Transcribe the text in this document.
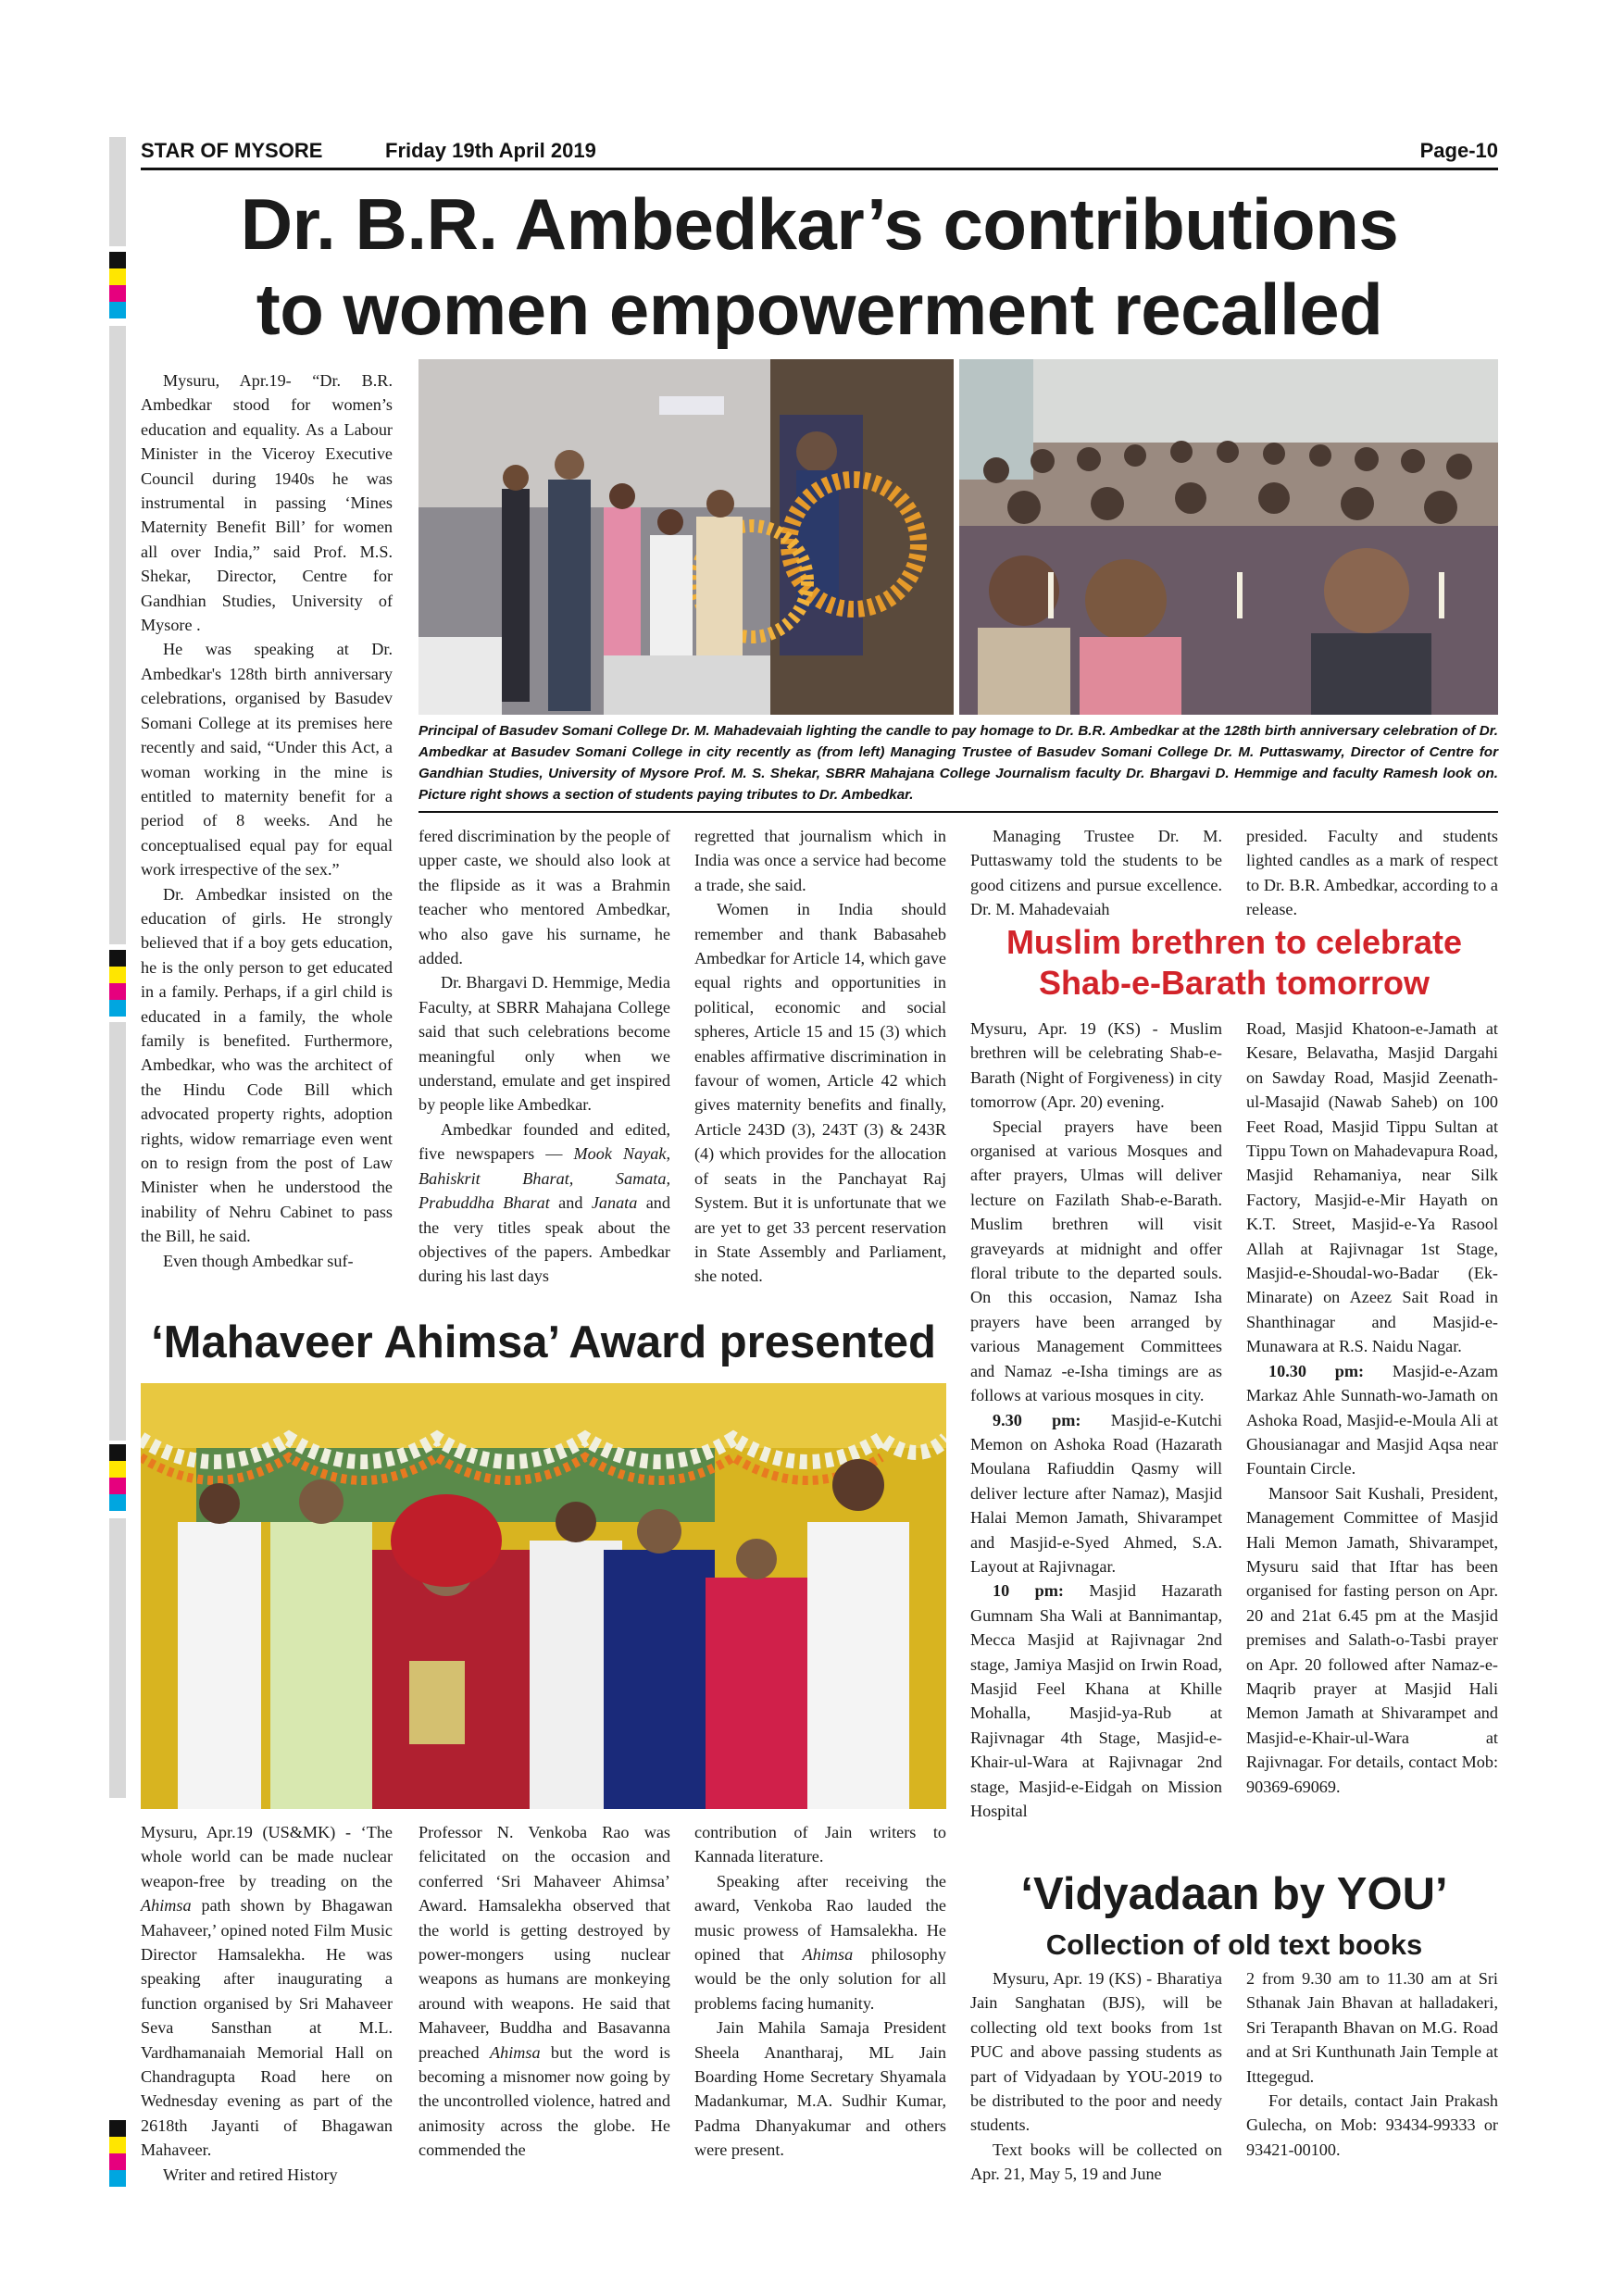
STAR OF MYSORE	Friday 19th April 2019	Page-10
Dr. B.R. Ambedkar’s contributions
to women empowerment recalled

Mysuru, Apr.19- “Dr. B.R. Ambedkar stood for women’s education and equality. As a Labour Minister in the Viceroy Executive Council during 1940s he was instrumental in passing ‘Mines Maternity Benefit Bill’ for women all over India,” said Prof. M.S. Shekar, Director, Centre for Gandhian Studies, University of Mysore .

He was speaking at Dr. Ambedkar's 128th birth anniversary celebrations, organised by Basudev Somani College at its premises here recently and said, “Under this Act, a woman working in the mine is entitled to maternity benefit for a period of 8 weeks. And he conceptualised equal pay for equal work irrespective of the sex.”

Dr. Ambedkar insisted on the education of girls. He strongly believed that if a boy gets education, he is the only person to get educated in a family. Perhaps, if a girl child is educated in a family, the whole family is benefited. Furthermore, Ambedkar, who was the architect of the Hindu Code Bill which advocated property rights, adoption rights, widow remarriage even went on to resign from the post of Law Minister when he understood the inability of Nehru Cabinet to pass the Bill, he said.

Even though Ambedkar suf-

Principal of Basudev Somani College Dr. M. Mahadevaiah lighting the candle to pay homage to Dr. B.R. Ambedkar at the 128th birth anniversary celebration of Dr. Ambedkar at Basudev Somani College in city recently as (from left) Managing Trustee of Basudev Somani College Dr. M. Puttaswamy, Director of Centre for Gandhian Studies, University of Mysore Prof. M. S. Shekar, SBRR Mahajana College Journalism faculty Dr. Bhargavi D. Hemmige and faculty Ramesh look on. Picture right shows a section of students paying tributes to Dr. Ambedkar.

fered discrimination by the people of upper caste, we should also look at the flipside as it was a Brahmin teacher who mentored Ambedkar, who also gave his surname, he added.

Dr. Bhargavi D. Hemmige, Media Faculty, at SBRR Mahajana College said that such celebrations become meaningful only when we understand, emulate and get inspired by people like Ambedkar.

Ambedkar founded and edited, five newspapers — Mook Nayak, Bahiskrit Bharat, Samata, Prabuddha Bharat and Janata and the very titles speak about the objectives of the papers. Ambedkar during his last days

regretted that journalism which in India was once a service had become a trade, she said.

Women in India should remember and thank Babasaheb Ambedkar for Article 14, which gave equal rights and opportunities in political, economic and social spheres, Article 15 and 15 (3) which enables affirmative discrimination in favour of women, Article 42 which gives maternity benefits and finally, Article 243D (3), 243T (3) & 243R (4) which provides for the allocation of seats in the Panchayat Raj System. But it is unfortunate that we are yet to get 33 percent reservation in State Assembly and Parliament, she noted.

Managing Trustee Dr. M. Puttaswamy told the students to be good citizens and pursue excellence. Dr. M. Mahadevaiah

presided. Faculty and students lighted candles as a mark of respect to Dr. B.R. Ambedkar, according to a release.

Muslim brethren to celebrate
Shab-e-Barath tomorrow

Mysuru, Apr. 19 (KS) - Muslim brethren will be celebrating Shab-e-Barath (Night of Forgiveness) in city tomorrow (Apr. 20) evening.

Special prayers have been organised at various Mosques and after prayers, Ulmas will deliver lecture on Fazilath Shab-e-Barath. Muslim brethren will visit graveyards at midnight and offer floral tribute to the departed souls. On this occasion, Namaz Isha prayers have been arranged by various Management Committees and Namaz -e-Isha timings are as follows at various mosques in city.

9.30 pm: Masjid-e-Kutchi Memon on Ashoka Road (Hazarath Moulana Rafiuddin Qasmy will deliver lecture after Namaz), Masjid Halai Memon Jamath, Shivarampet and Masjid-e-Syed Ahmed, S.A. Layout at Rajivnagar.

10 pm: Masjid Hazarath Gumnam Sha Wali at Bannimantap, Mecca Masjid at Rajivnagar 2nd stage, Jamiya Masjid on Irwin Road, Masjid Feel Khana at Khille Mohalla, Masjid-ya-Rub at Rajivnagar 4th Stage, Masjid-e-Khair-ul-Wara at Rajivnagar 2nd stage, Masjid-e-Eidgah on Mission Hospital

Road, Masjid Khatoon-e-Jamath at Kesare, Belavatha, Masjid Dargahi on Sawday Road, Masjid Zeenath-ul-Masajid (Nawab Saheb) on 100 Feet Road, Masjid Tippu Sultan at Tippu Town on Mahadevapura Road, Masjid Rehamaniya, near Silk Factory, Masjid-e-Mir Hayath on K.T. Street, Masjid-e-Ya Rasool Allah at Rajivnagar 1st Stage, Masjid-e-Shoudal-wo-Badar (Ek-Minarate) on Azeez Sait Road in Shanthinagar and Masjid-e-Munawara at R.S. Naidu Nagar.

10.30 pm: Masjid-e-Azam Markaz Ahle Sunnath-wo-Jamath on Ashoka Road, Masjid-e-Moula Ali at Ghousianagar and Masjid Aqsa near Fountain Circle.

Mansoor Sait Kushali, President, Management Committee of Masjid Hali Memon Jamath, Shivarampet, Mysuru said that Iftar has been organised for fasting person on Apr. 20 and 21at 6.45 pm at the Masjid premises and Salath-o-Tasbi prayer on Apr. 20 followed after Namaz-e-Maqrib prayer at Masjid Hali Memon Jamath at Shivarampet and Masjid-e-Khair-ul-Wara at Rajivnagar. For details, contact Mob: 90369-69069.

‘Mahaveer Ahimsa’ Award presented

Mysuru, Apr.19 (US&MK) - ‘The whole world can be made nuclear weapon-free by treading on the Ahimsa path shown by Bhagawan Mahaveer,’ opined noted Film Music Director Hamsalekha. He was speaking after inaugurating a function organised by Sri Mahaveer Seva Sansthan at M.L. Vardhamanaiah Memorial Hall on Chandragupta Road here on Wednesday evening as part of the 2618th Jayanti of Bhagawan Mahaveer.

Writer and retired History

Professor N. Venkoba Rao was felicitated on the occasion and conferred ‘Sri Mahaveer Ahimsa’ Award. Hamsalekha observed that the world is getting destroyed by power-mongers using nuclear weapons as humans are monkeying around with weapons. He said that Mahaveer, Buddha and Basavanna preached Ahimsa but the word is becoming a misnomer now going by the uncontrolled violence, hatred and animosity across the globe. He commended the

contribution of Jain writers to Kannada literature.

Speaking after receiving the award, Venkoba Rao lauded the music prowess of Hamsalekha. He opined that Ahimsa philosophy would be the only solution for all problems facing humanity.

Jain Mahila Samaja President Sheela Anantharaj, ML Jain Boarding Home Secretary Shyamala Madankumar, M.A. Sudhir Kumar, Padma Dhanyakumar and others were present.

‘Vidyadaan by YOU’
Collection of old text books

Mysuru, Apr. 19 (KS) - Bharatiya Jain Sanghatan (BJS), will be collecting old text books from 1st PUC and above passing students as part of Vidyadaan by YOU-2019 to be distributed to the poor and needy students.

Text books will be collected on Apr. 21, May 5, 19 and June

2 from 9.30 am to 11.30 am at Sri Sthanak Jain Bhavan at halladakeri, Sri Terapanth Bhavan on M.G. Road and at Sri Kunthunath Jain Temple at Ittegegud.

For details, contact Jain Prakash Gulecha, on Mob: 93434-99333 or 93421-00100.
